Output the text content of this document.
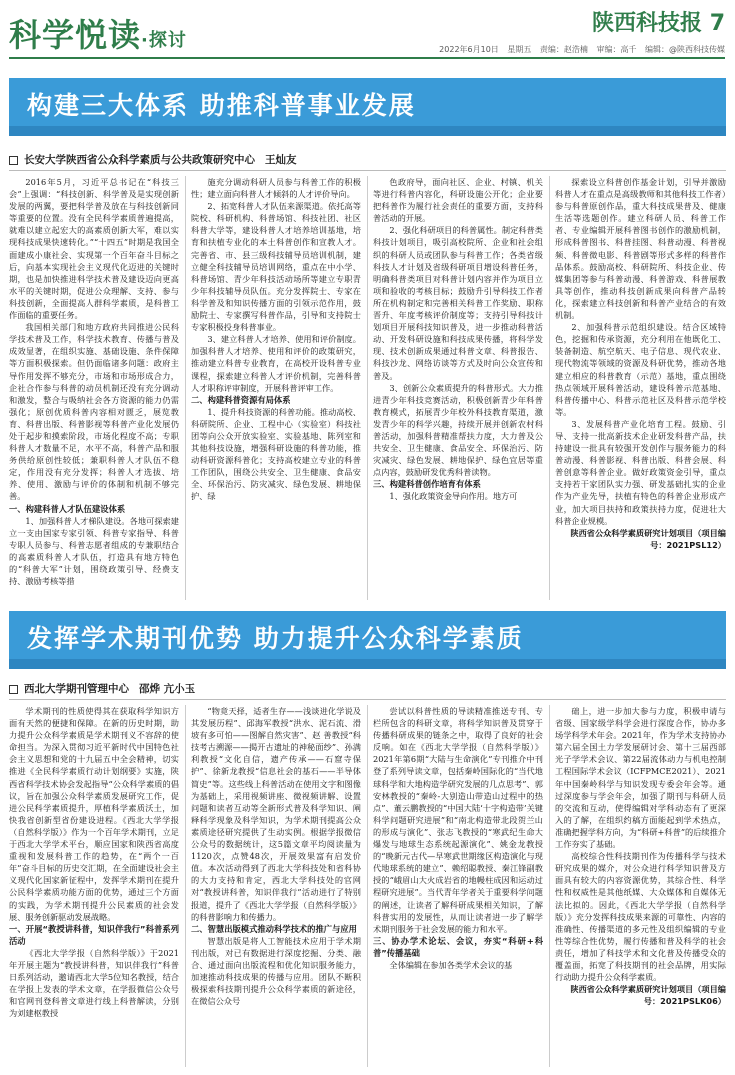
科学悦读·探讨
陕西科技报 7
2022年6月10日 星期五 责编：赵浩楠 审编：高千 编辑：@陕西科技传媒
构建三大体系 助推科普事业发展
长安大学陕西省公众科学素质与公共政策研究中心 王灿友

2016年5月，习近平总书记在“科技三会”上强调：“科技创新、科学普及是实现创新发展的两翼，要把科学普及放在与科技创新同等重要的位置。没有全民科学素质普遍提高，就难以建立起宏大的高素质创新大军，难以实现科技成果快速转化。”“十四五”时期是我国全面建成小康社会、实现第一个百年奋斗目标之后，向基本实现社会主义现代化迈进的关键时期，也是加快推进科学技术普及建设迈向更高水平的关键时期，促进公众理解、支持、参与科技创新，全面提高人群科学素质，是科普工作面临的重要任务。

我国相关部门和地方政府共同推进公民科学技术普及工作，科学技术教育、传播与普及成效显著，在组织实施、基础设施、条件保障等方面积极探索。但仍面临诸多问题：政府主导作用发挥不够充分，市场和市场形成合力，企社合作参与科普的动员机制还没有充分调动和激发，整合与吸纳社会各方资源的能力仍需强化；原创优质科普内容相对匮乏，展览教育、科普出版、科普影视等科普产业化发展仍处于起步和摸索阶段，市场化程度不高；专职科普人才数量不足，水平不高，科普产品和服务供给原创性较低；兼职科普人才队伍不稳定，作用没有充分发挥；科普人才选拔、培养、使用、激励与评价的体制和机制不够完善。

一、构建科普人才队伍建设体系

1、加强科普人才梯队建设。各地可探索建立一支由国家专家引领、科普专家指导、科普专职人员参与、科普志愿者组成的专兼职结合的高素质科普人才队伍，打造具有地方特色的“科普大军”计划，围绕政策引导、经费支持、激励考核等措

施充分调动科研人员参与科普工作的积极性；建立面向科普人才倾斜的人才评价导向。

2、拓宽科普人才队伍来源渠道。依托高等院校、科研机构、科普场馆、科技社团、社区科普大学等，建设科普人才培养培训基地，培育和扶植专业化的本土科普创作和宣教人才。完善省、市、县三级科技辅导员培训机制，建立健全科技辅导员培训网络，重点在中小学、科普场馆、青少年科技活动场所等建立专职青少年科技辅导员队伍。充分发挥院士、专家在科学普及和知识传播方面的引领示范作用，鼓励院士、专家撰写科普作品，引导和支持院士专家积极投身科普事业。

3、建立科普人才培养、使用和评价制度。加强科普人才培养、使用和评价的政策研究，推动建立科普专业教育，在高校开设科普专业课程，探索建立科普人才评价机制，完善科普人才职称评审制度，开展科普评审工作。

二、构建科普资源有局体系

1、提升科技资源的科普功能。推动高校、科研院所、企业、工程中心（实验室）科技社团等向公众开放实验室、实验基地、陈列室和其他科技设施，增强科研设施的科普功能，推动科研资源科普化；支持高校建立专业的科普工作团队，围绕公共安全、卫生健康、食品安全、环保治污、防灾减灾、绿色发展、耕地保护、绿

色政府导，面向社区、企业、村镇、机关等进行科普内容化，科研设施公开化；企业要把科普作为履行社会责任的重要方面，支持科普活动的开展。

2、强化科研项目的科普属性。制定科普类科技计划项目，吸引高校院所、企业和社会组织的科研人员或团队参与科普工作；各类省级科技人才计划及省级科研项目增设科普任务，明确科普类项目对科普计划内容并作为项目立项和验收的考核目标；鼓励升引导科技工作者所在机构制定和完善相关科普工作奖励、职称晋升、年度考核评价制度等；支持引导科技计划项目开展科技知识普及，进一步推动科普活动、开发科研设施和科技成果传播，将科学发现、技术创新成果通过科普文章、科普报告、科技沙龙、网络访谈等方式及时向公众宣传和普及。

3、创新公众素质提升的科普形式。大力推进青少年科技竞赛活动，积极创新青少年科普教育模式，拓展青少年校外科技教育渠道，激发青少年的科学兴趣，持续开展并创新农村科普活动，加强科普精准帮扶力度，大力普及公共安全、卫生健康、食品安全、环保治污、防灾减灾、绿色发展、耕地保护、绿色宜居等重点内容，鼓励研发优秀科普读物。

三、构建科普创作培育有体系

1、强化政策资金导向作用。地方可

探索设立科普创作基金计划，引导并激励科普人才在重点是高级教师和其他科技工作者）参与科普原创作品，重大科技成果普及、健康生活等选题创作。建立科研人员、科普工作者、专业编辑开展科普图书创作的激励机制，形成科普图书、科普挂图、科普动漫、科普视频、科普微电影、科普剧等形式多样的科普作品体系。鼓励高校、科研院所、科技企业、传媒集团等参与科普动漫、科普游戏、科普展教具等创作，推动科技创新成果向科普产品转化，探索建立科技创新和科普产业结合的有效机制。

2、加强科普示范组织建设。结合区域特色，挖掘和传承资源，充分利用在他既化工、装备制造、航空航天、电子信息、现代农业、现代物流等领域的资源及科研优势，推动各地建立相应的科普教育（示范）基地，重点围绕热点领域开展科普活动，建设科普示范基地、科普传播中心、科普示范社区及科普示范学校等。

3、发展科普产业化培育工程。鼓励、引导、支持一批高新技术企业研发科普产品，扶持建设一批具有较强开发创作与服务能力的科普动漫、科普影视、科普出版、科普会展、科普创意等科普企业。做好政策资金引导，重点支持若干家团队实力强、研发基础扎实的企业作为产业先导，扶植有特色的科普企业形成产业，加大项目扶持和政策扶持力度，促进壮大科普企业规模。

陕西省公众科学素质研究计划项目（项目编号：2021PSL12）

发挥学术期刊优势 助力提升公众科学素质
西北大学期刊管理中心 邵烨 亢小玉

学术期刊的性质使得其在获取科学知识方面有天然的便捷和保障。在新的历史时期，助力提升公众科学素质是学术期刊义不容辞的使命担当。为深入贯彻习近平新时代中国特色社会主义思想和党的十九届五中全会精神，切实推进《全民科学素质行动计划纲要》实施，陕西省科学技术协会发起指导“公众科学素质的倡议，旨在加强公众科学素质发展研究工作，促进公民科学素质提升，厚植科学素质沃土，加快我省创新型省份建设进程。《西北大学学报（自然科学版）》作为一个百年学术期刊，立足于西北大学学术平台，顺应国家和陕西省高度重视和发展科普工作的趋势，在“两个一百年”奋斗目标的历史交汇期，在全面建设社会主义现代化国家新征程中，发挥学术期刊在提升公民科学素质功能方面的优势，通过三个方面的实践，为学术期刊提升公民素质的社会发展、服务创新驱动发展战略。

一、开展“教授讲科普，知识伴我行”科普系列活动

《西北大学学报（自然科学版）》于2021年开展主题为“教授讲科普，知识伴我行”科普日系列活动，邀请西北大学5位知名教授，结合在学报上发表的学术文章，在学报微信公众号和官网刊登科普文章进行线上科普解读，分别为刘建枢教授

“物竟天择，适者生存——浅谈进化学说及其发展历程”、邱海军教授“洪水、泥石流、滑坡有多可怕——图解自然灾害”、赵 善教授“科技考古溯源——揭开古遗址的神秘面纱”、孙满利教授“文化自信，遗产传承——石窟寺保护”、徐新龙教授“信息社会的基石——半导体简史”等。这些线上科普活动在使用文字和图像为基础上，采用视频讲座、微视频讲解、设置问题和读者互动等全新形式普及科学知识、阐释科学现象及科学知识，为学术期刊提高公众素质途径研究提供了生动实例。根据学报微信公众号的数据统计，这5篇文章平均阅读量为1120次，点赞48次，开展效果富有启发价值。本次活动得到了西北大学科技处和省科协的大力支持和肯定，西北大学科技处的官网对“教授讲科普，知识伴我行”活动进行了特别报道，提升了《西北大学学报（自然科学版）》的科普影响力和传播力。

二、智慧出版模式推动科学技术的推广与应用

智慧出版是将人工智能技术应用于学术期刊出版，对已有数据进行深度挖掘、分类、融合、通过面向出版流程和优化知识服务能力，加速推动科技成果的传播与应用。团队不断积极探索科技期刊提升公众科学素质的新途径，在微信公众号

尝试以科普性质的导读精准推送专刊、专栏所包含的科研文章，将科学知识普及贯穿于传播科研成果的链条之中，取得了良好的社会反响。如在《西北大学学报（自然科学版）》2021年第6期“大陆与生命演化”专刊推介中刊登了系列导读文章，包括秦岭国际化的“当代地球科学和大地构造学研究发展的几点思考”、郭安林教授的“秦岭-大别造山带造山过程中的热点”、董云鹏教授的“中国大陆‘十字构造带’关键科学问题研究进展”和“南北构造带北段贺兰山的形成与演化”、张志飞教授的“寒武纪生命大爆发与地球生态系统起源演化”、姚金龙教授的“晚新元古代—早寒武世期缘区构造演化与现代地球系统的建立”、赖绍聪教授、秦江锋副教授的“峨眉山大火成岩省的地幔柱成因和运动过程研究进展”。当代青年学者关于重要科学问题的阐述，让读者了解科研成果相关知识，了解科普实用的发展性，从而让读者进一步了解学术期刊服务于社会发展的能力和水平。

三、协办学术论坛、会议，夯实“科研+科普”传播基础

全体编辑在参加各类学术会议的基

础上，进一步加大参与力度，积极申请与省级、国家级学科学会进行深度合作，协办多场学科学术年会。2021年，作为学术支持协办第六届全国土力学发展研讨会、第十三届西部光子学学术会议、第22届流体动力与机电控制工程国际学术会议（ICFPMCE2021）、2021年中国秦岭科学与知识发现专委会年会等。通过深度参与学会年会，加强了期刊与科研人员的交流和互动，使得编辑对学科动态有了更深入的了解，在组织约稿方面能起到学术热点，准确把握学科方向，为“科研+科普”的后续推介工作夯实了基础。

高校综合性科技期刊作为传播科学与技术研究成果的媒介，对公众进行科学知识普及方面具有较大的内容资源优势，其综合性、科学性和权威性是其他纸媒、大众媒体和自媒体无法比拟的。因此，《西北大学学报（自然科学版）》充分发挥科技成果来源的可靠性、内容的准确性、传播渠道的多元性及组织编辑的专业性等综合性优势，履行传播和普及科学的社会责任，增加了科技学术和文化普及传播受众的覆盖面，拓宽了科技期刊的社会品牌，用实际行动助力提升公众科学素质。

陕西省公众科学素质研究计划项目（项目编号：2021PSLK06）
